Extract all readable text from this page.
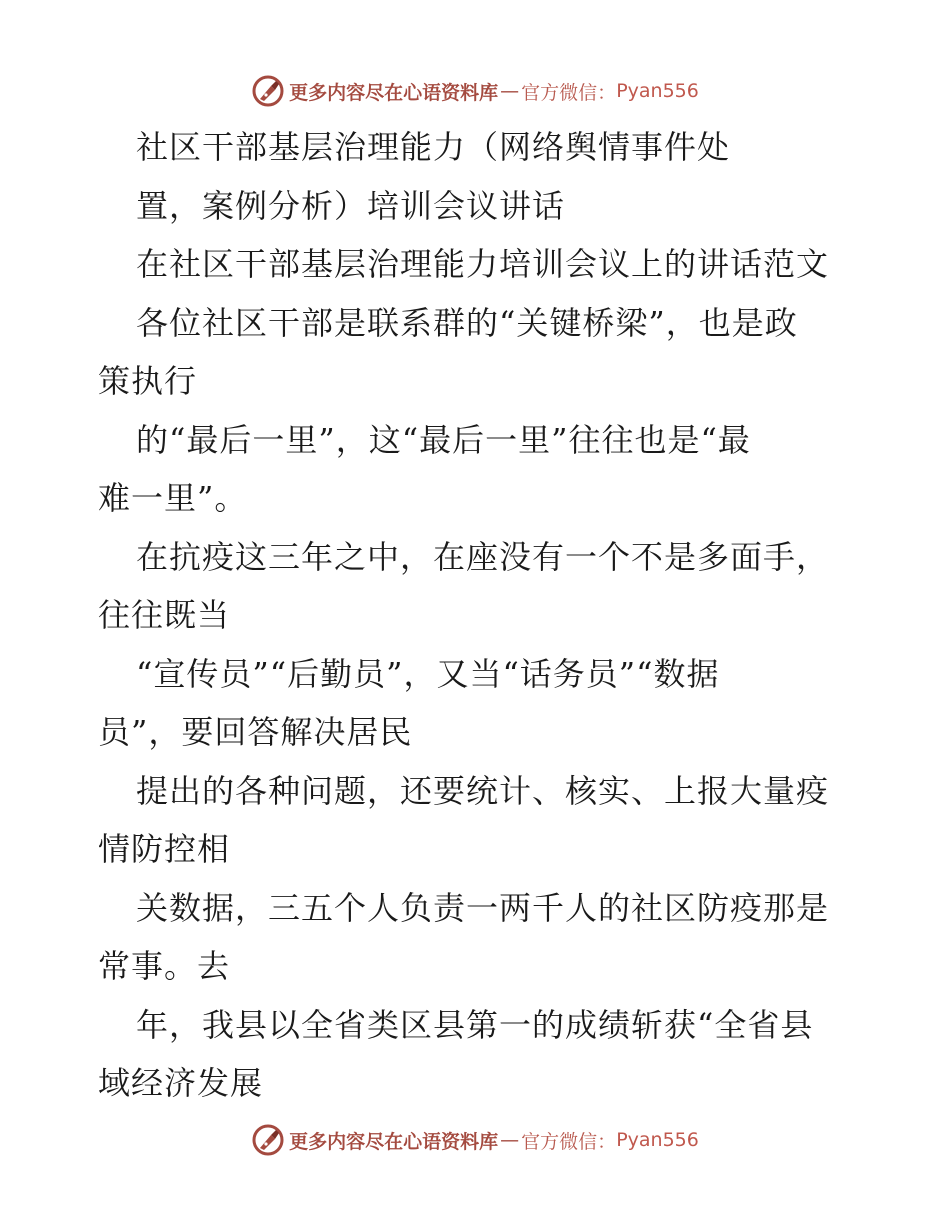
更多内容尽在心语资料库 — 官方微信： Pyan556
社区干部基层治理能力（网络舆情事件处
置，案例分析）培训会议讲话
在社区干部基层治理能力培训会议上的讲话范文
各位社区干部是联系群的“关键桥梁”，也是政
策执行
的“最后一里”，这“最后一里”往往也是“最
难一里”。
在抗疫这三年之中，在座没有一个不是多面手，
往往既当
“宣传员”“后勤员”，又当“话务员”“数据
员”，要回答解决居民
提出的各种问题，还要统计、核实、上报大量疫
情防控相
关数据，三五个人负责一两千人的社区防疫那是
常事。去
年，我县以全省类区县第一的成绩斩获“全省县
域经济发展
更多内容尽在心语资料库 — 官方微信： Pyan556
